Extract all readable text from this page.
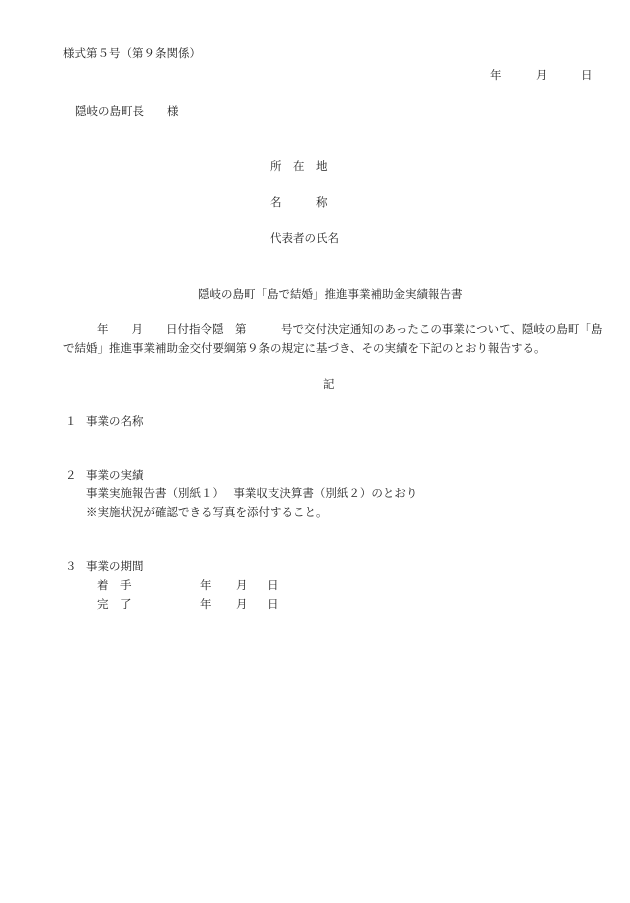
様式第５号（第９条関係）
年	月	日
隠岐の島町長　　様
所　在　地
名　　　称
代表者の氏名
隠岐の島町「島で結婚」推進事業補助金実績報告書
年　　月　　日付指令隠　第　　　号で交付決定通知のあったこの事業について、隠岐の島町「島
で結婚」推進事業補助金交付要綱第９条の規定に基づき、その実績を下記のとおり報告する。
記
１ 事業の名称
２ 事業の実績
事業実施報告書（別紙１）　 事業収支決算書（別紙２）のとおり
※実施状況が確認できる写真を添付すること。
３ 事業の期間
着　手	年 月 日
完　了	年 月 日
